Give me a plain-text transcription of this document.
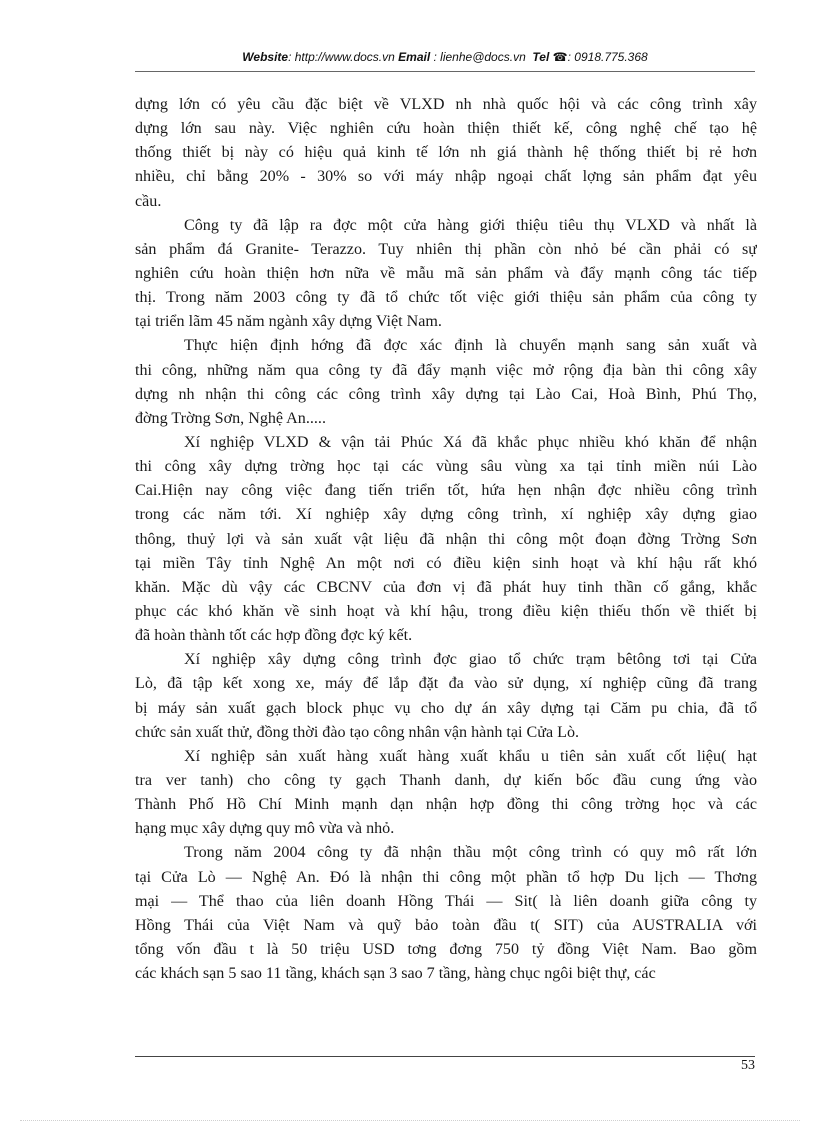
Website: http://www.docs.vn Email : lienhe@docs.vn Tel ☎: 0918.775.368

dựng lớn có yêu cầu đặc biệt về VLXD nh nhà quốc hội và các công trình xây
dựng lớn sau này. Việc nghiên cứu hoàn thiện thiết kế, công nghệ chế tạo hệ
thống thiết bị này có hiệu quả kinh tế lớn nh giá thành hệ thống thiết bị rẻ hơn
nhiều, chỉ bằng 20% - 30% so với máy nhập ngoại chất lợng sản phẩm đạt yêu
cầu.

Công ty đã lập ra đợc một cửa hàng giới thiệu tiêu thụ VLXD và nhất là
sản phẩm đá Granite- Terazzo. Tuy nhiên thị phần còn nhỏ bé cần phải có sự
nghiên cứu hoàn thiện hơn nữa về mẫu mã sản phẩm và đẩy mạnh công tác tiếp
thị. Trong năm 2003 công ty đã tổ chức tốt việc giới thiệu sản phẩm của công ty
tại triển lãm 45 năm ngành xây dựng Việt Nam.

Thực hiện định hớng đã đợc xác định là chuyển mạnh sang sản xuất và
thi công, những năm qua công ty đã đẩy mạnh việc mở rộng địa bàn thi công xây
dựng nh nhận thi công các công trình xây dựng tại Lào Cai, Hoà Bình, Phú Thọ,
đờng Trờng Sơn, Nghệ An.....

Xí nghiệp VLXD & vận tải Phúc Xá đã khắc phục nhiều khó khăn để nhận
thi công xây dựng trờng học tại các vùng sâu vùng xa tại tỉnh miền núi Lào
Cai.Hiện nay công việc đang tiến triển tốt, hứa hẹn nhận đợc nhiều công trình
trong các năm tới. Xí nghiệp xây dựng công trình, xí nghiệp xây dựng giao
thông, thuỷ lợi và sản xuất vật liệu đã nhận thi công một đoạn đờng Trờng Sơn
tại miền Tây tỉnh Nghệ An một nơi có điều kiện sinh hoạt và khí hậu rất khó
khăn. Mặc dù vậy các CBCNV của đơn vị đã phát huy tinh thần cố gắng, khắc
phục các khó khăn về sinh hoạt và khí hậu, trong điều kiện thiếu thốn về thiết bị
đã hoàn thành tốt các hợp đồng đợc ký kết.

Xí nghiệp xây dựng công trình đợc giao tổ chức trạm bêtông tơi tại Cửa
Lò, đã tập kết xong xe, máy để lắp đặt đa vào sử dụng, xí nghiệp cũng đã trang
bị máy sản xuất gạch block phục vụ cho dự án xây dựng tại Căm pu chia, đã tổ
chức sản xuất thử, đồng thời đào tạo công nhân vận hành tại Cửa Lò.

Xí nghiệp sản xuất hàng xuất hàng xuất khẩu u tiên sản xuất cốt liệu( hạt
tra ver tanh) cho công ty gạch Thanh danh, dự kiến bốc đầu cung ứng vào
Thành Phố Hồ Chí Minh mạnh dạn nhận hợp đồng thi công trờng học và các
hạng mục xây dựng quy mô vừa và nhỏ.

Trong năm 2004 công ty đã nhận thầu một công trình có quy mô rất lớn
tại Cửa Lò — Nghệ An. Đó là nhận thi công một phần tổ hợp Du lịch — Thơng
mại — Thể thao của liên doanh Hồng Thái — Sit( là liên doanh giữa công ty
Hồng Thái của Việt Nam và quỹ bảo toàn đầu t( SIT) của AUSTRALIA với
tổng vốn đầu t là 50 triệu USD tơng đơng 750 tỷ đồng Việt Nam. Bao gồm
các khách sạn 5 sao 11 tầng, khách sạn 3 sao 7 tầng, hàng chục ngôi biệt thự, các

53
